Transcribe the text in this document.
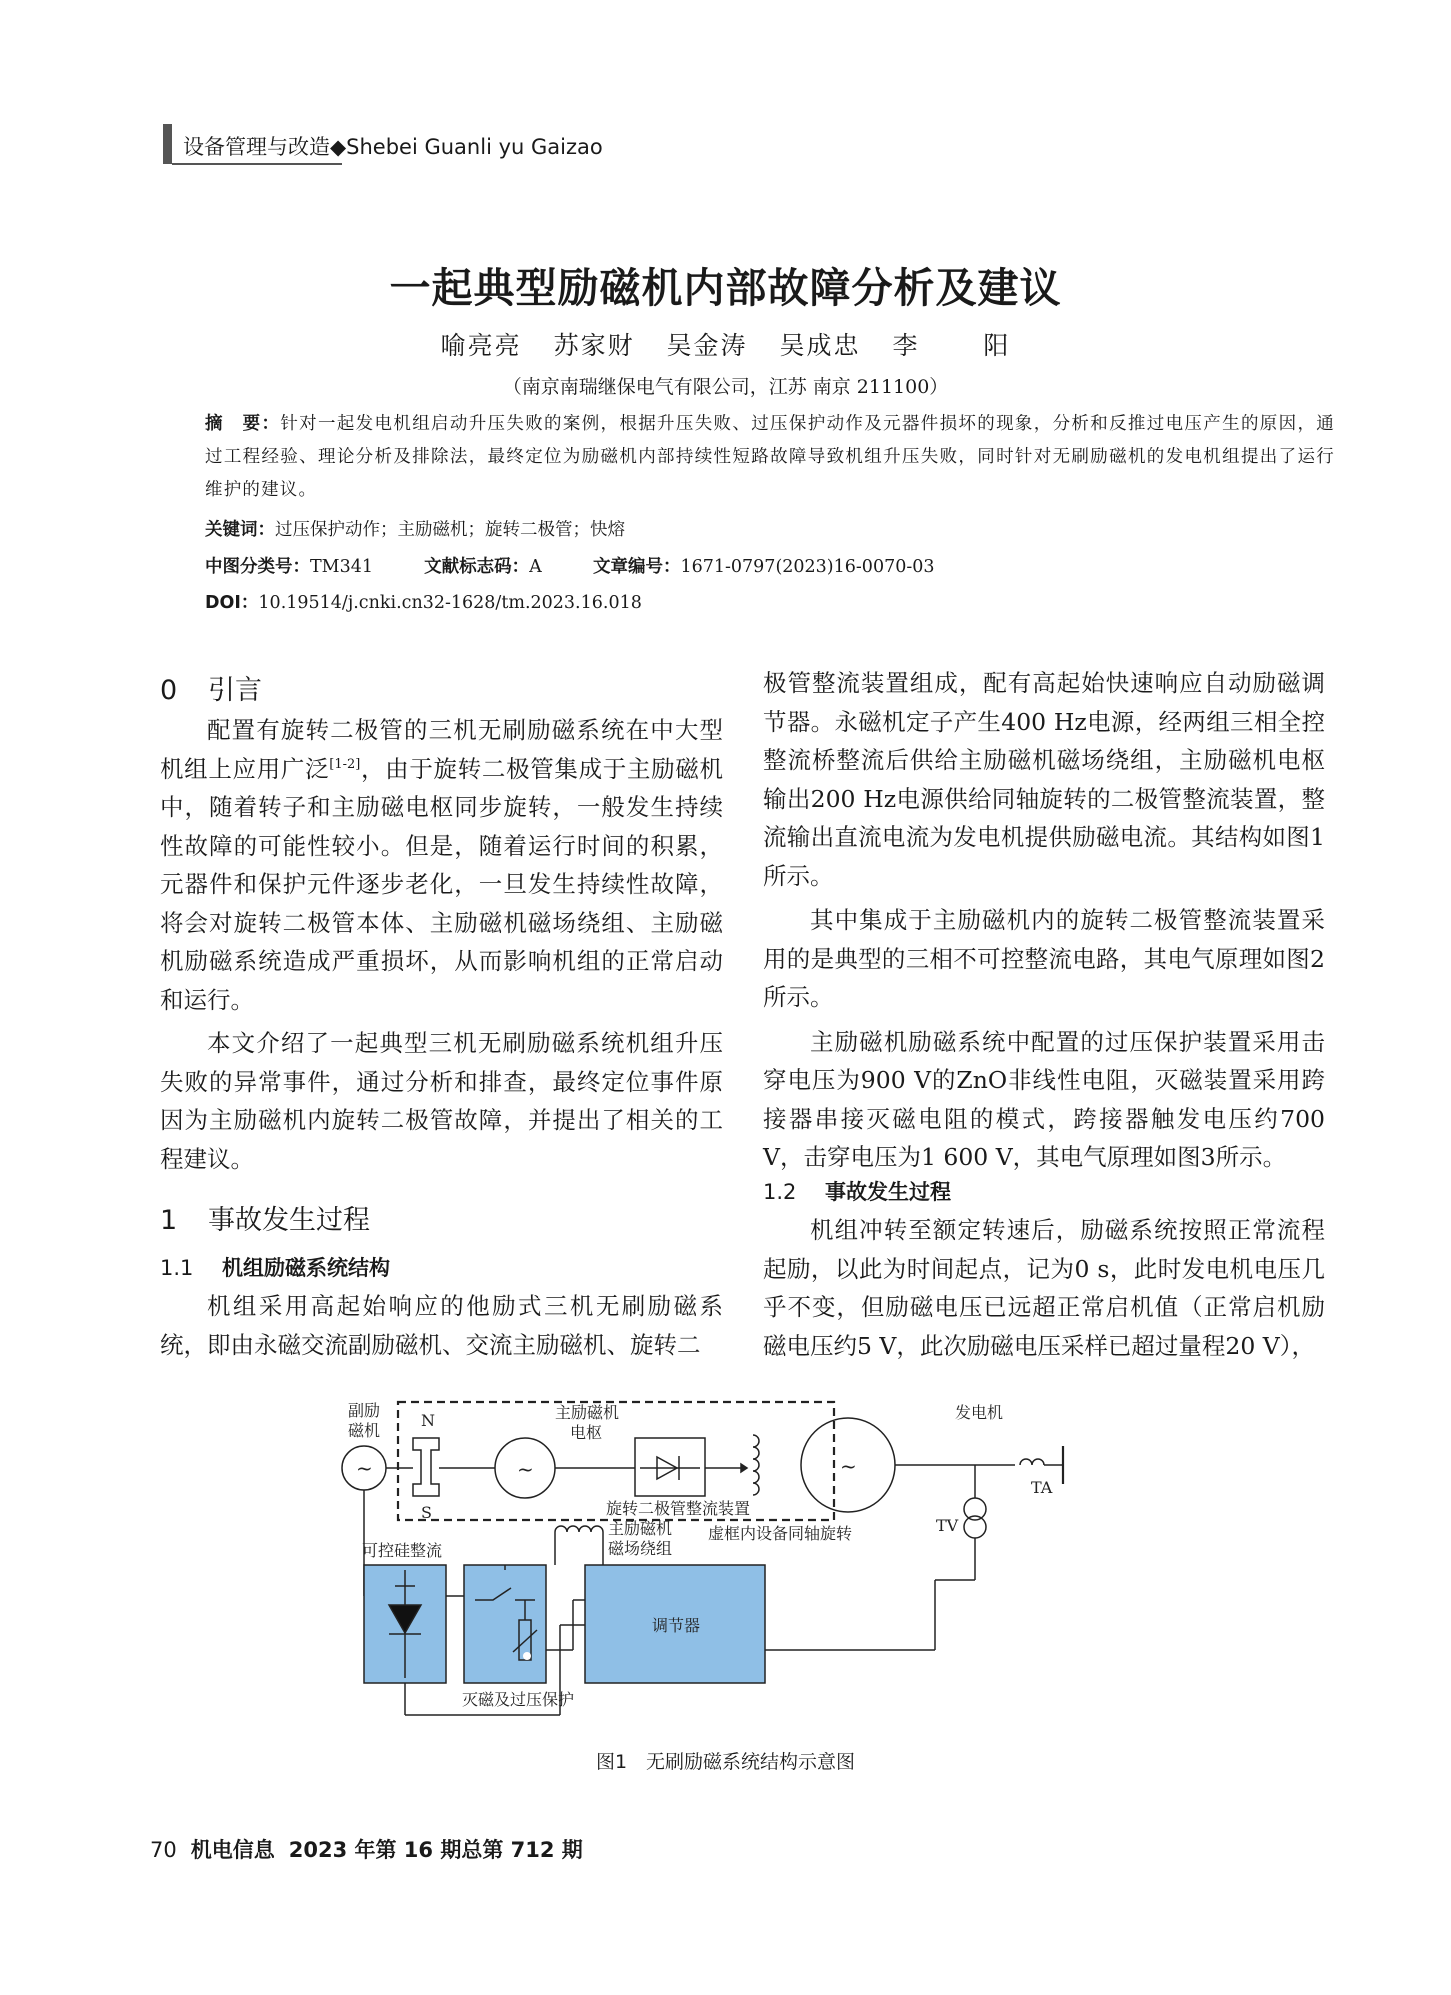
设备管理与改造◆Shebei Guanli yu Gaizao
一起典型励磁机内部故障分析及建议
喻亮亮 苏家财 吴金涛 吴成忠 李  阳
（南京南瑞继保电气有限公司，江苏 南京 211100）
摘　要：针对一起发电机组启动升压失败的案例，根据升压失败、过压保护动作及元器件损坏的现象，分析和反推过电压产生的原因，通过工程经验、理论分析及排除法，最终定位为励磁机内部持续性短路故障导致机组升压失败，同时针对无刷励磁机的发电机组提出了运行维护的建议。
关键词：过压保护动作；主励磁机；旋转二极管；快熔
中图分类号：TM341	文献标志码：A	文章编号：1671-0797(2023)16-0070-03
DOI：10.19514/j.cnki.cn32-1628/tm.2023.16.018
0 引言

配置有旋转二极管的三机无刷励磁系统在中大型机组上应用广泛[1-2]，由于旋转二极管集成于主励磁机中，随着转子和主励磁电枢同步旋转，一般发生持续性故障的可能性较小。但是，随着运行时间的积累，元器件和保护元件逐步老化，一旦发生持续性故障，将会对旋转二极管本体、主励磁机磁场绕组、主励磁机励磁系统造成严重损坏，从而影响机组的正常启动和运行。

本文介绍了一起典型三机无刷励磁系统机组升压失败的异常事件，通过分析和排查，最终定位事件原因为主励磁机内旋转二极管故障，并提出了相关的工程建议。

1 事故发生过程
1.1 机组励磁系统结构

机组采用高起始响应的他励式三机无刷励磁系统，即由永磁交流副励磁机、交流主励磁机、旋转二

极管整流装置组成，配有高起始快速响应自动励磁调节器。永磁机定子产生400 Hz电源，经两组三相全控整流桥整流后供给主励磁机磁场绕组，主励磁机电枢输出200 Hz电源供给同轴旋转的二极管整流装置，整流输出直流电流为发电机提供励磁电流。其结构如图1所示。

其中集成于主励磁机内的旋转二极管整流装置采用的是典型的三相不可控整流电路，其电气原理如图2所示。

主励磁机励磁系统中配置的过压保护装置采用击穿电压为900 V的ZnO非线性电阻，灭磁装置采用跨接器串接灭磁电阻的模式，跨接器触发电压约700 V，击穿电压为1 600 V，其电气原理如图3所示。

1.2 事故发生过程

机组冲转至额定转速后，励磁系统按照正常流程起励，以此为时间起点，记为0 s，此时发电机电压几乎不变，但励磁电压已远超正常启机值（正常启机励磁电压约5 V，此次励磁电压采样已超过量程20 V），

副励
磁机
~
N
S
~
主励磁机
电枢
旋转二极管整流装置
~
发电机
TA
TV
虚框内设备同轴旋转
主励磁机
磁场绕组
可控硅整流
灭磁及过压保护
调节器
图1　无刷励磁系统结构示意图
70 机电信息 2023 年第 16 期总第 712 期
